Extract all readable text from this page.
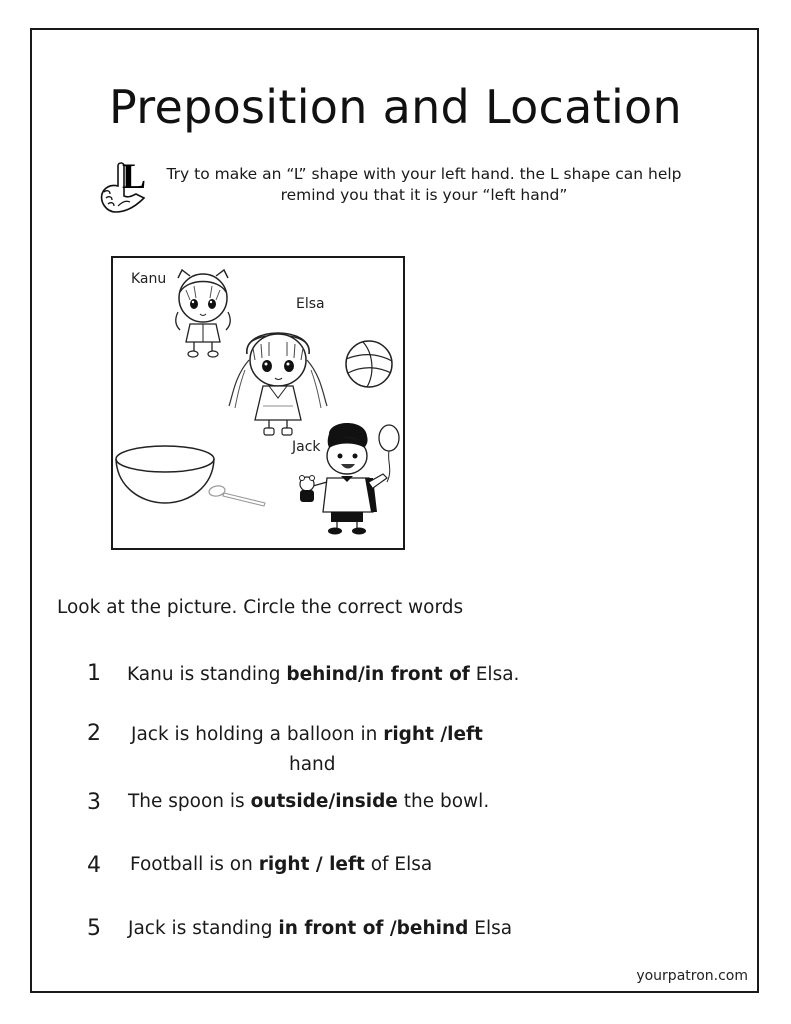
Preposition and Location
L	Try to make an “L” shape with your left hand. the L shape can help remind you that it is your “left hand”
Kanu
Elsa
Jack
Look at the picture. Circle the correct words
1 Kanu is standing behind/in front of Elsa.
2 Jack is holding a balloon in right /left
hand
3 The spoon is outside/inside the bowl.
4 Football is on right / left of Elsa
5 Jack is standing in front of /behind Elsa
yourpatron.com
